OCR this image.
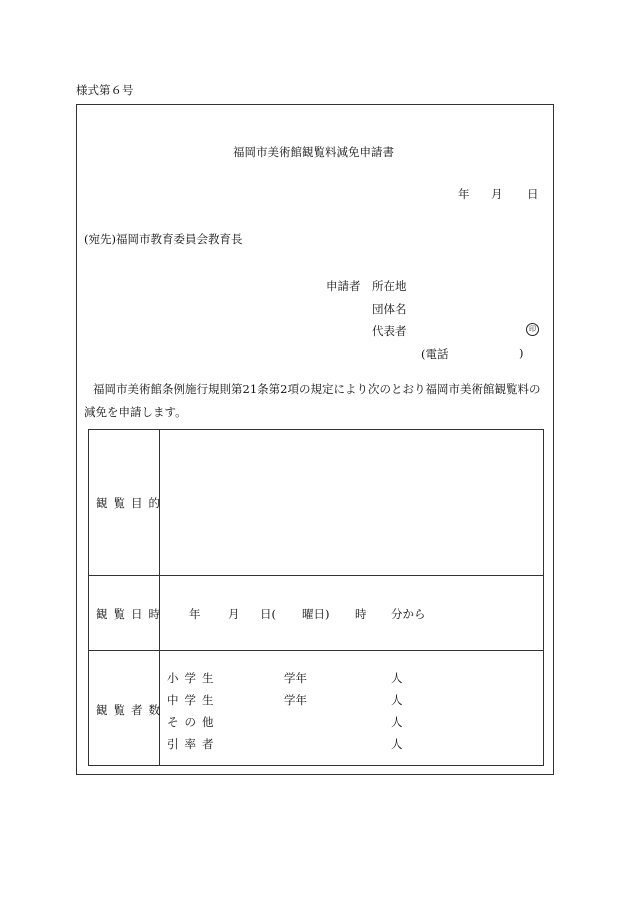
様式第６号
福岡市美術館観覧料減免申請書
年 月 日
(宛先)福岡市教育委員会教育長
申請者 所在地
団体名
代表者	印
(電話	)
福岡市美術館条例施行規則第21条第2項の規定により次のとおり福岡市美術館観覧料の
減免を申請します。
観覧目的
観覧日時 年 月 日( 曜日) 時 分から
観覧者数
小学生	学年	人
中学生	学年	人
その他	人
引率者	人
